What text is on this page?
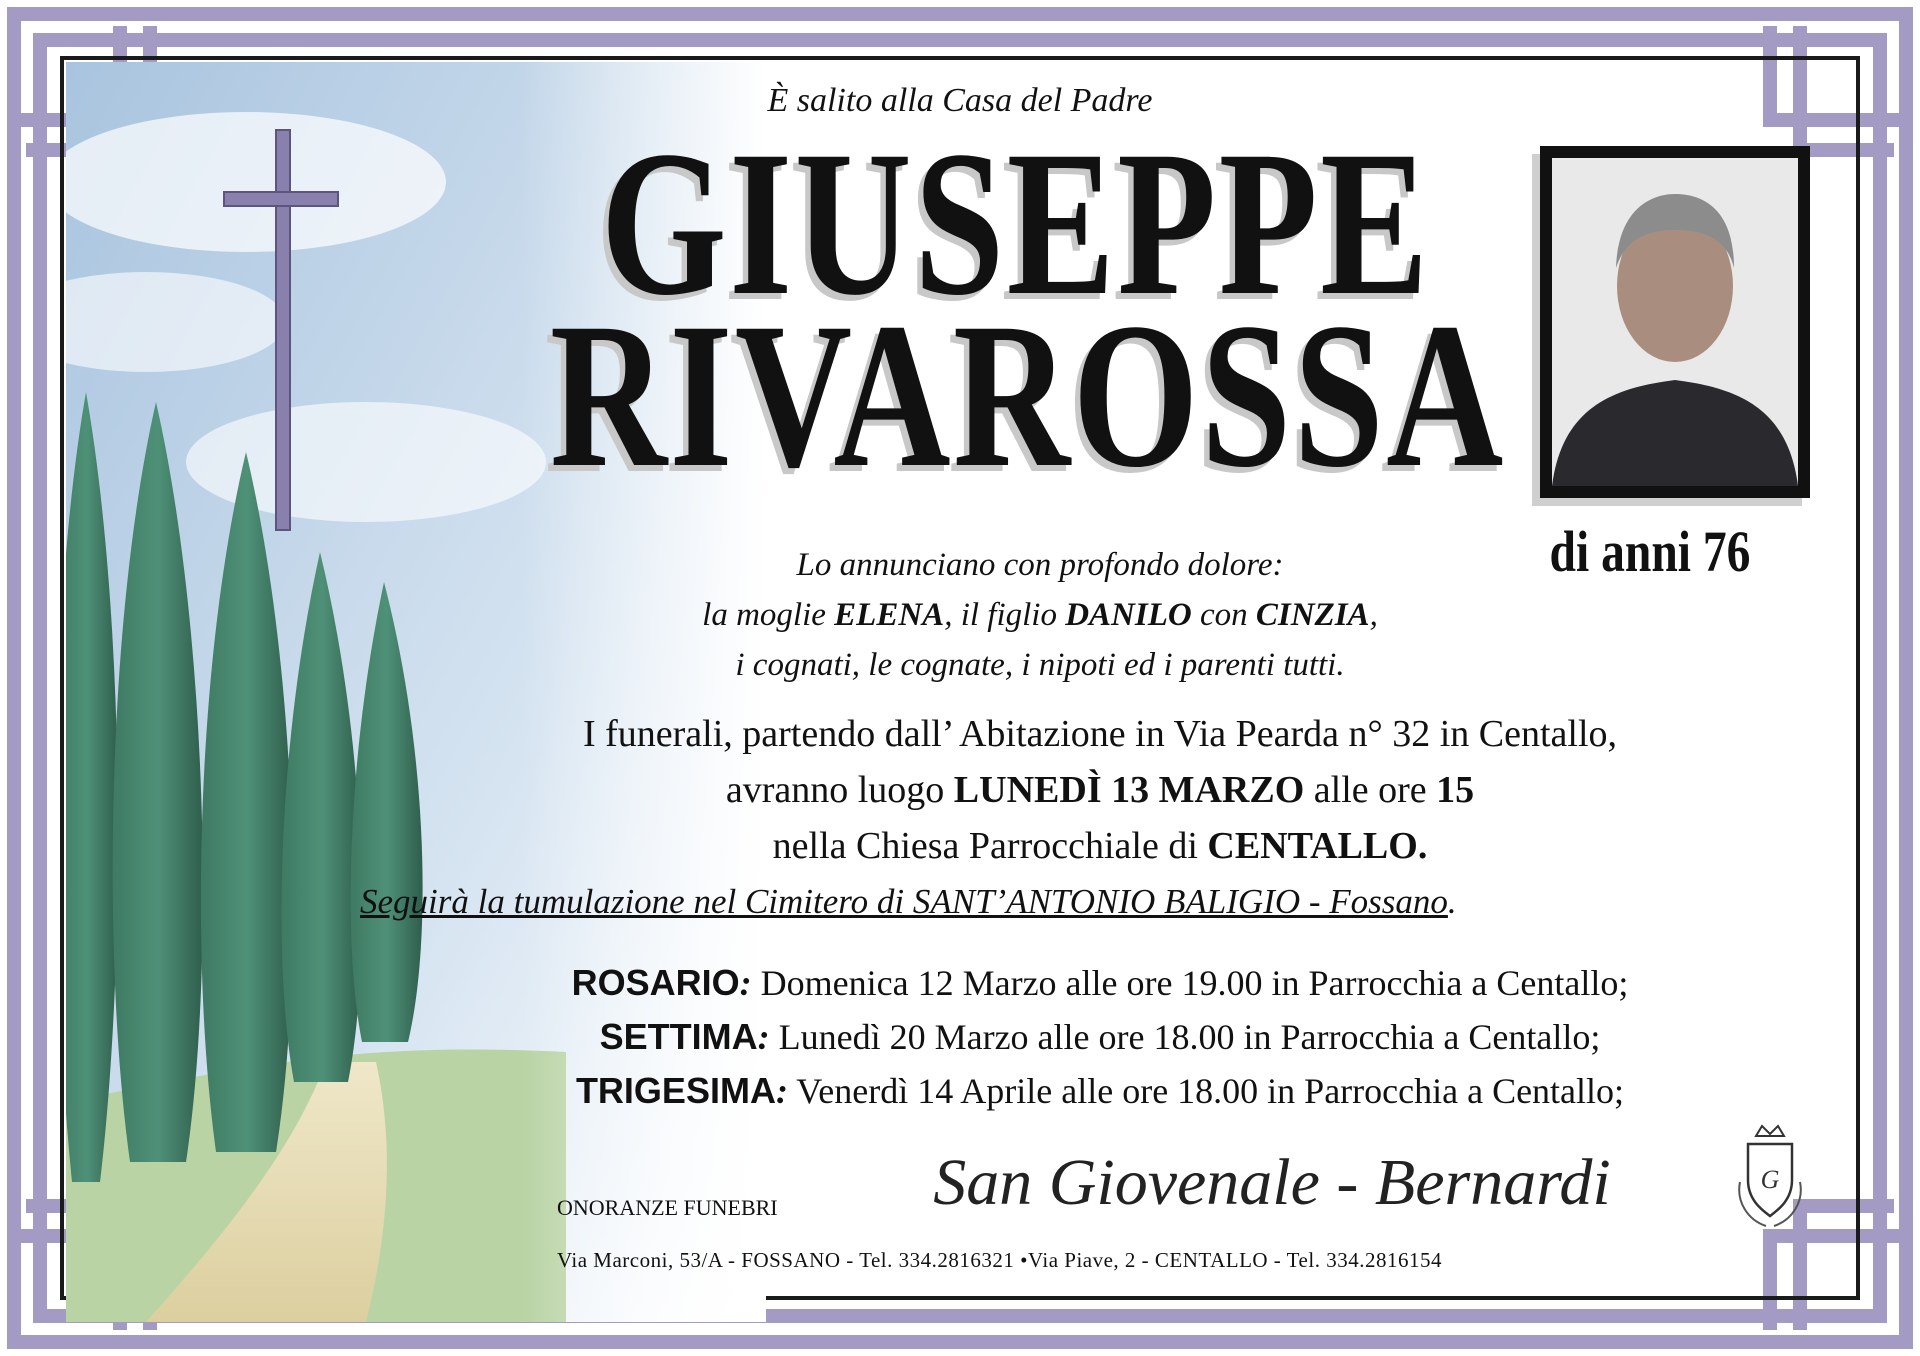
È salito alla Casa del Padre
GIUSEPPE
RIVAROSSA
di anni 76
Lo annunciano con profondo dolore:
la moglie ELENA, il figlio DANILO con CINZIA,
i cognati, le cognate, i nipoti ed i parenti tutti.
I funerali, partendo dall’ Abitazione in Via Pearda n° 32 in Centallo,
avranno luogo LUNEDÌ 13 MARZO alle ore 15
nella Chiesa Parrocchiale di CENTALLO.
Seguirà la tumulazione nel Cimitero di SANT’ANTONIO BALIGIO - Fossano.
ROSARIO: Domenica 12 Marzo alle ore 19.00 in Parrocchia a Centallo;
SETTIMA: Lunedì 20 Marzo alle ore 18.00 in Parrocchia a Centallo;
TRIGESIMA: Venerdì 14 Aprile alle ore 18.00 in Parrocchia a Centallo;
ONORANZE FUNEBRI	San Giovenale - Bernardi	G
Via Marconi, 53/A - FOSSANO - Tel. 334.2816321 •Via Piave, 2 - CENTALLO - Tel. 334.2816154
